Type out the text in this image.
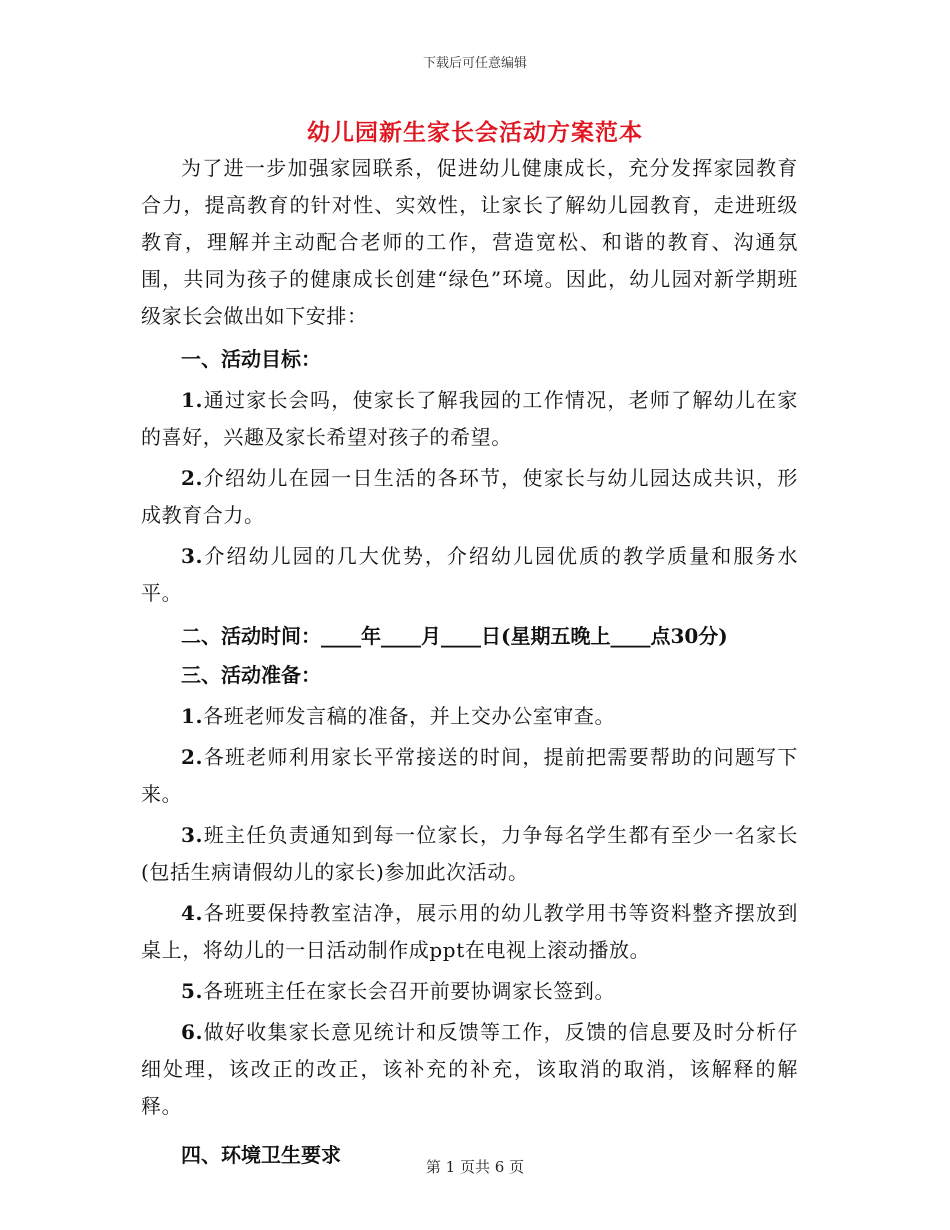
下载后可任意编辑
幼儿园新生家长会活动方案范本

为了进一步加强家园联系，促进幼儿健康成长，充分发挥家园教育合力，提高教育的针对性、实效性，让家长了解幼儿园教育，走进班级教育，理解并主动配合老师的工作，营造宽松、和谐的教育、沟通氛围，共同为孩子的健康成长创建“绿色”环境。因此，幼儿园对新学期班级家长会做出如下安排：

一、活动目标：

1.通过家长会吗，使家长了解我园的工作情况，老师了解幼儿在家的喜好，兴趣及家长希望对孩子的希望。

2.介绍幼儿在园一日生活的各环节，使家长与幼儿园达成共识，形成教育合力。

3.介绍幼儿园的几大优势，介绍幼儿园优质的教学质量和服务水平。

二、活动时间：____年____月____日(星期五晚上____点30分)

三、活动准备：

1.各班老师发言稿的准备，并上交办公室审查。

2.各班老师利用家长平常接送的时间，提前把需要帮助的问题写下来。

3.班主任负责通知到每一位家长，力争每名学生都有至少一名家长(包括生病请假幼儿的家长)参加此次活动。

4.各班要保持教室洁净，展示用的幼儿教学用书等资料整齐摆放到桌上，将幼儿的一日活动制作成ppt在电视上滚动播放。

5.各班班主任在家长会召开前要协调家长签到。

6.做好收集家长意见统计和反馈等工作，反馈的信息要及时分析仔细处理，该改正的改正，该补充的补充，该取消的取消，该解释的解释。

四、环境卫生要求	第 1 页共 6 页
